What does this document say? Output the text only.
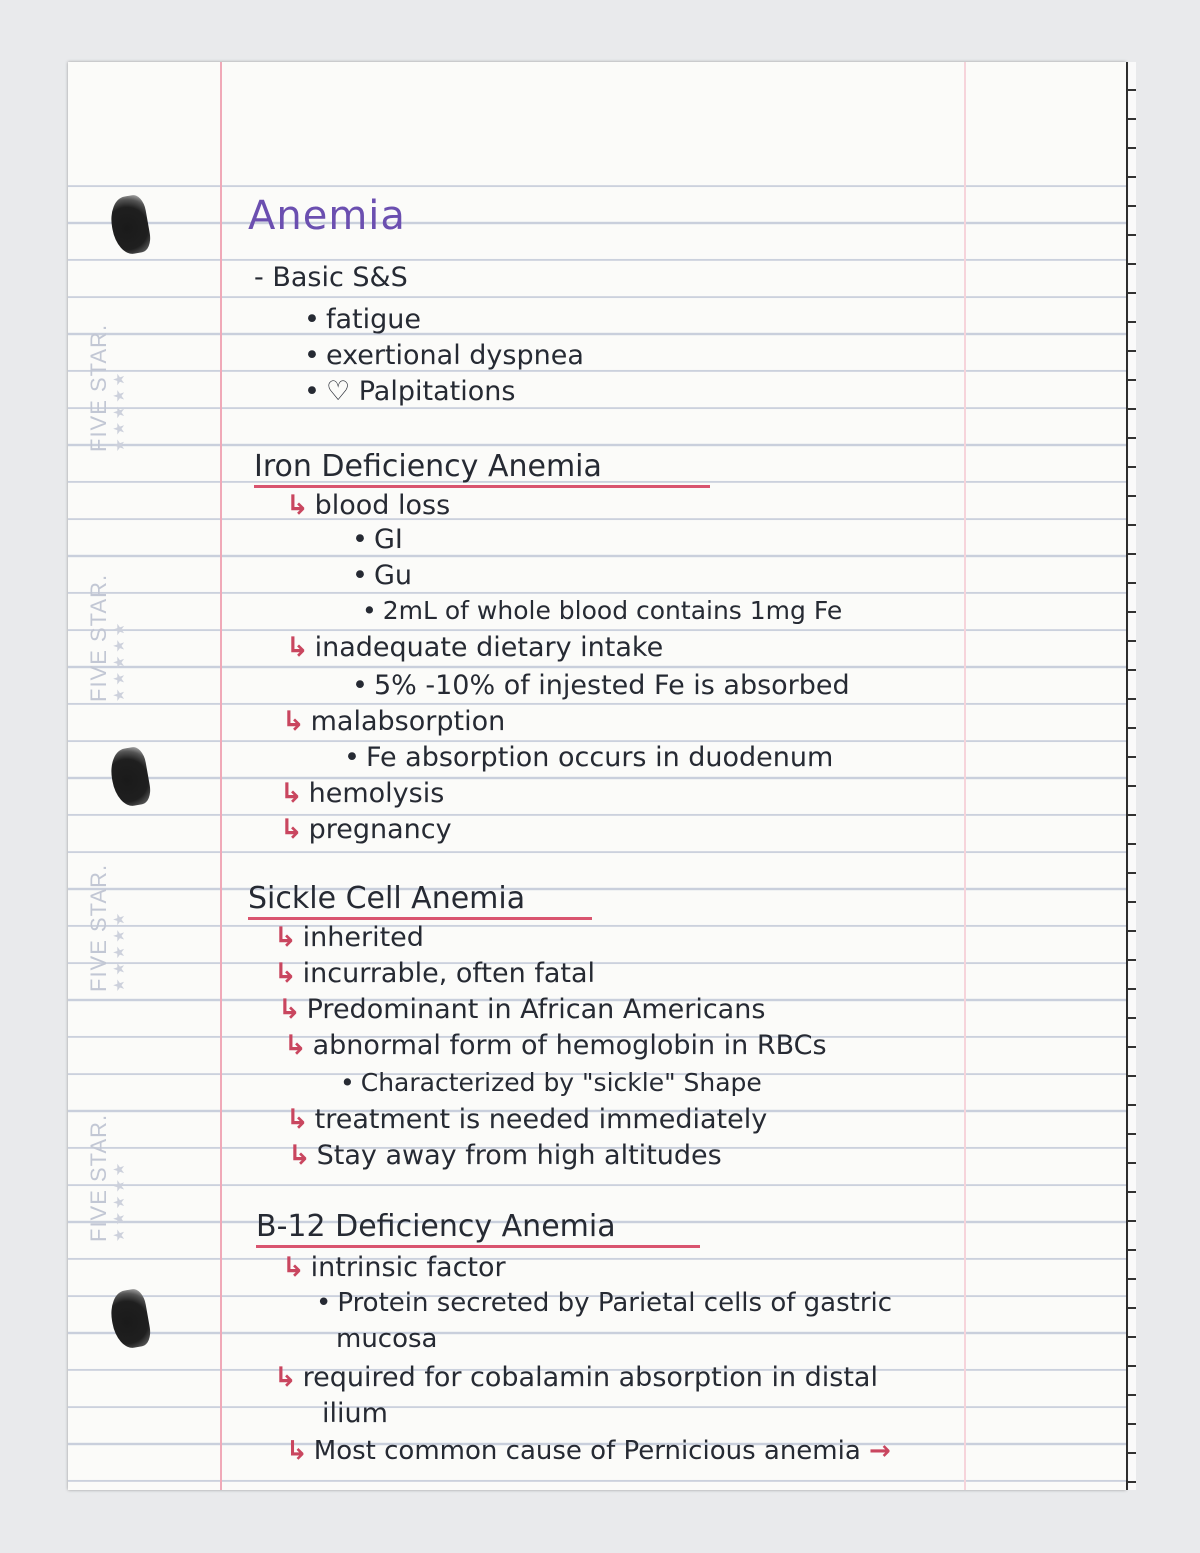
FIVE STAR. ★★★★★
FIVE STAR. ★★★★★
FIVE STAR. ★★★★★
FIVE STAR. ★★★★★
Anemia
- Basic S&S
• fatigue
• exertional dyspnea
• ♡ Palpitations
Iron Deficiency Anemia
↳ blood loss
• GI
• Gu
• 2mL of whole blood contains 1mg Fe
↳ inadequate dietary intake
• 5% -10% of injested Fe is absorbed
↳ malabsorption
• Fe absorption occurs in duodenum
↳ hemolysis
↳ pregnancy
Sickle Cell Anemia
↳ inherited
↳ incurrable, often fatal
↳ Predominant in African Americans
↳ abnormal form of hemoglobin in RBCs
• Characterized by "sickle" Shape
↳ treatment is needed immediately
↳ Stay away from high altitudes
B-12 Deficiency Anemia
↳ intrinsic factor
• Protein secreted by Parietal cells of gastric
mucosa
↳ required for cobalamin absorption in distal
ilium
↳ Most common cause of Pernicious anemia →
